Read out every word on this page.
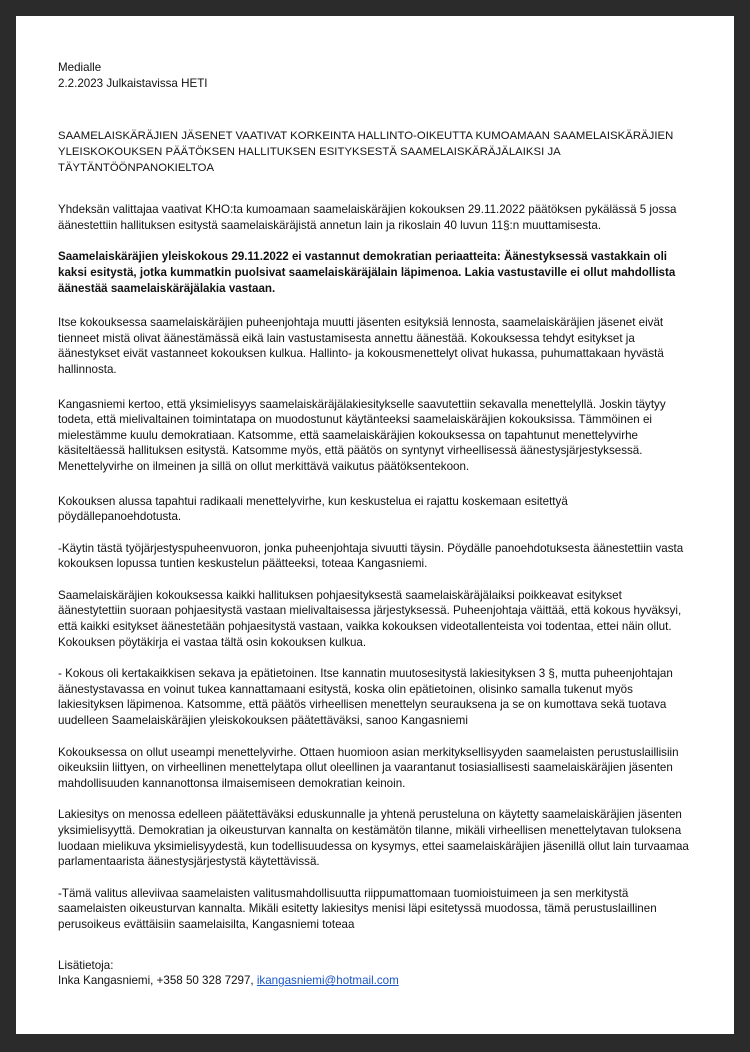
Medialle
2.2.2023 Julkaistavissa HETI
SAAMELAISKÄRÄJIEN JÄSENET VAATIVAT KORKEINTA HALLINTO-OIKEUTTA KUMOAMAAN SAAMELAISKÄRÄJIEN YLEISKOKOUKSEN PÄÄTÖKSEN HALLITUKSEN ESITYKSESTÄ SAAMELAISKÄRÄJÄLAIKSI JA TÄYTÄNTÖÖNPANOKIELTOA
Yhdeksän valittajaa vaativat KHO:ta kumoamaan saamelaiskäräjien kokouksen 29.11.2022 päätöksen pykälässä 5 jossa äänestettiin hallituksen esitystä saamelaiskäräjistä annetun lain ja rikoslain 40 luvun 11§:n muuttamisesta.
Saamelaiskäräjien yleiskokous 29.11.2022 ei vastannut demokratian periaatteita: Äänestyksessä vastakkain oli kaksi esitystä, jotka kummatkin puolsivat saamelaiskäräjälain läpimenoa. Lakia vastustaville ei ollut mahdollista äänestää saamelaiskäräjälakia vastaan.
Itse kokouksessa saamelaiskäräjien puheenjohtaja muutti jäsenten esityksiä lennosta, saamelaiskäräjien jäsenet eivät tienneet mistä olivat äänestämässä eikä lain vastustamisesta annettu äänestää. Kokouksessa tehdyt esitykset ja äänestykset eivät vastanneet kokouksen kulkua. Hallinto- ja kokousmenettelyt olivat hukassa, puhumattakaan hyvästä hallinnosta.
Kangasniemi kertoo, että yksimielisyys saamelaiskäräjälakiesitykselle saavutettiin sekavalla menettelyllä. Joskin täytyy todeta, että mielivaltainen toimintatapa on muodostunut käytänteeksi saamelaiskäräjien kokouksissa. Tämmöinen ei mielestämme kuulu demokratiaan. Katsomme, että saamelaiskäräjien kokouksessa on tapahtunut menettelyvirhe käsiteltäessä hallituksen esitystä. Katsomme myös, että päätös on syntynyt virheellisessä äänestysjärjestyksessä. Menettelyvirhe on ilmeinen ja sillä on ollut merkittävä vaikutus päätöksentekoon.
Kokouksen alussa tapahtui radikaali menettelyvirhe, kun keskustelua ei rajattu koskemaan esitettyä pöydällepanoehdotusta.
-Käytin tästä työjärjestyspuheenvuoron, jonka puheenjohtaja sivuutti täysin. Pöydälle panoehdotuksesta äänestettiin vasta kokouksen lopussa tuntien keskustelun päätteeksi, toteaa Kangasniemi.
Saamelaiskäräjien kokouksessa kaikki hallituksen pohjaesityksestä saamelaiskäräjälaiksi poikkeavat esitykset äänestytettiin suoraan pohjaesitystä vastaan mielivaltaisessa järjestyksessä. Puheenjohtaja väittää, että kokous hyväksyi, että kaikki esitykset äänestetään pohjaesitystä vastaan, vaikka kokouksen videotallenteista voi todentaa, ettei näin ollut. Kokouksen pöytäkirja ei vastaa tältä osin kokouksen kulkua.
- Kokous oli kertakaikkisen sekava ja epätietoinen. Itse kannatin muutosesitystä lakiesityksen 3 §, mutta puheenjohtajan äänestystavassa en voinut tukea kannattamaani esitystä, koska olin epätietoinen, olisinko samalla tukenut myös lakiesityksen läpimenoa. Katsomme, että päätös virheellisen menettelyn seurauksena ja se on kumottava sekä tuotava uudelleen Saamelaiskäräjien yleiskokouksen päätettäväksi, sanoo Kangasniemi
Kokouksessa on ollut useampi menettelyvirhe. Ottaen huomioon asian merkityksellisyyden saamelaisten perustuslaillisiin oikeuksiin liittyen, on virheellinen menettelytapa ollut oleellinen ja vaarantanut tosiasiallisesti saamelaiskäräjien jäsenten mahdollisuuden kannanottonsa ilmaisemiseen demokratian keinoin.
Lakiesitys on menossa edelleen päätettäväksi eduskunnalle ja yhtenä perusteluna on käytetty saamelaiskäräjien jäsenten yksimielisyyttä. Demokratian ja oikeusturvan kannalta on kestämätön tilanne, mikäli virheellisen menettelytavan tuloksena luodaan mielikuva yksimielisyydestä, kun todellisuudessa on kysymys, ettei saamelaiskäräjien jäsenillä ollut lain turvaamaa parlamentaarista äänestysjärjestystä käytettävissä.
-Tämä valitus alleviivaa saamelaisten valitusmahdollisuutta riippumattomaan tuomioistuimeen ja sen merkitystä saamelaisten oikeusturvan kannalta. Mikäli esitetty lakiesitys menisi läpi esitetyssä muodossa, tämä perustuslaillinen perusoikeus evättäisiin saamelaisilta, Kangasniemi toteaa
Lisätietoja:
Inka Kangasniemi, +358 50 328 7297, ikangasniemi@hotmail.com
